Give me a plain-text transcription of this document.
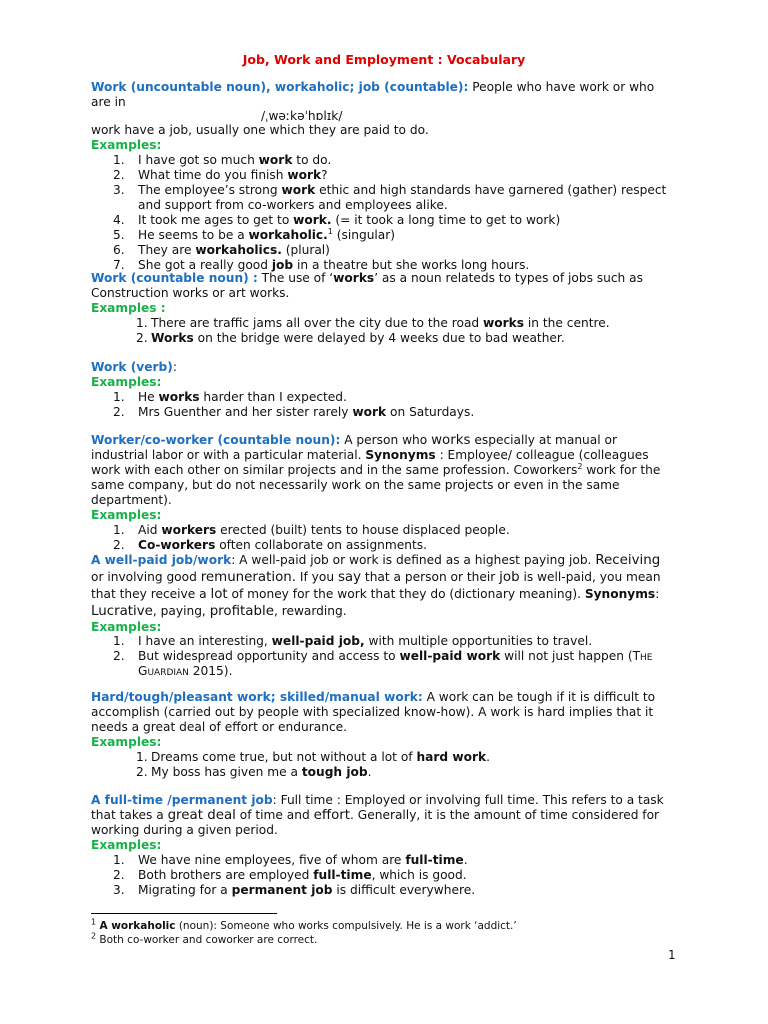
Job, Work and Employment : Vocabulary
Work (uncountable noun), workaholic; job (countable): People who have work or who are in
/ˌwəːkəˈhɒlɪk/
work have a job, usually one which they are paid to do.
Examples:
1. I have got so much work to do.
2. What time do you finish work?
3. The employee’s strong work ethic and high standards have garnered (gather) respect and support from co-workers and employees alike.
4. It took me ages to get to work. (= it took a long time to get to work)
5. He seems to be a workaholic.$^1$ (singular)
6. They are workaholics. (plural)
7. She got a really good job in a theatre but she works long hours.
Work (countable noun) : The use of ‘works’ as a noun relateds to types of jobs such as Construction works or art works.
Examples :
1. There are traffic jams all over the city due to the road works in the centre.
2. Works on the bridge were delayed by 4 weeks due to bad weather.
Work (verb):
Examples:
1. He works harder than I expected.
2. Mrs Guenther and her sister rarely work on Saturdays.
Worker/co-worker (countable noun): A person who works especially at manual or industrial labor or with a particular material. Synonyms : Employee/ colleague (colleagues work with each other on similar projects and in the same profession. Coworkers$^2$ work for the same company, but do not necessarily work on the same projects or even in the same department).
Examples:
1. Aid workers erected (built) tents to house displaced people.
2. Co-workers often collaborate on assignments.
A well-paid job/work: A well-paid job or work is defined as a highest paying job. Receiving or involving good remuneration. If you say that a person or their job is well-paid, you mean that they receive a lot of money for the work that they do (dictionary meaning). Synonyms:
Lucrative, paying, profitable, rewarding.
Examples:
1. I have an interesting, well-paid job, with multiple opportunities to travel.
2. But widespread opportunity and access to well-paid work will not just happen (The Guardian 2015).
Hard/tough/pleasant work; skilled/manual work: A work can be tough if it is difficult to accomplish (carried out by people with specialized know-how). A work is hard implies that it needs a great deal of effort or endurance.
Examples:
1. Dreams come true, but not without a lot of hard work.
2. My boss has given me a tough job.
A full-time /permanent job: Full time : Employed or involving full time. This refers to a task that takes a great deal of time and effort. Generally, it is the amount of time considered for working during a given period.
Examples:
1. We have nine employees, five of whom are full-time.
2. Both brothers are employed full-time, which is good.
3. Migrating for a permanent job is difficult everywhere.
$^1$ A workaholic (noun): Someone who works compulsively. He is a work ‘addict.’
$^2$ Both co-worker and coworker are correct.
1
